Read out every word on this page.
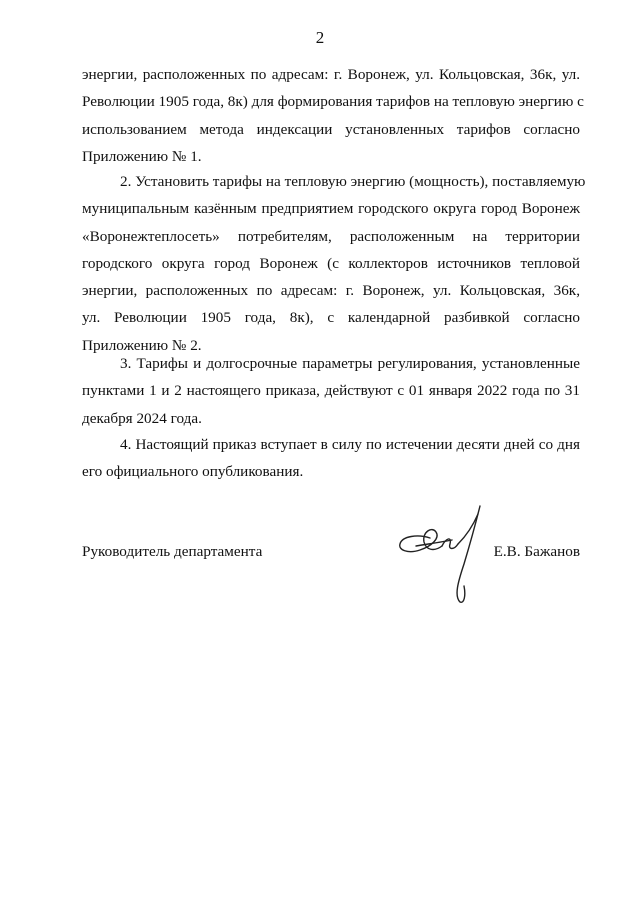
2
энергии, расположенных по адресам: г. Воронеж, ул. Кольцовская, 36к, ул.
Революции 1905 года, 8к) для формирования тарифов на тепловую энергию с
использованием метода индексации установленных тарифов согласно
Приложению № 1.
2. Установить тарифы на тепловую энергию (мощность), поставляемую
муниципальным казённым предприятием городского округа город Воронеж
«Воронежтеплосеть» потребителям, расположенным на территории
городского округа город Воронеж (с коллекторов источников тепловой
энергии, расположенных по адресам: г. Воронеж, ул. Кольцовская, 36к,
ул. Революции 1905 года, 8к), с календарной разбивкой согласно
Приложению № 2.
3. Тарифы и долгосрочные параметры регулирования, установленные
пунктами 1 и 2 настоящего приказа, действуют с 01 января 2022 года по 31
декабря 2024 года.
4. Настоящий приказ вступает в силу по истечении десяти дней со дня
его официального опубликования.
Руководитель департамента	Е.В. Бажанов
